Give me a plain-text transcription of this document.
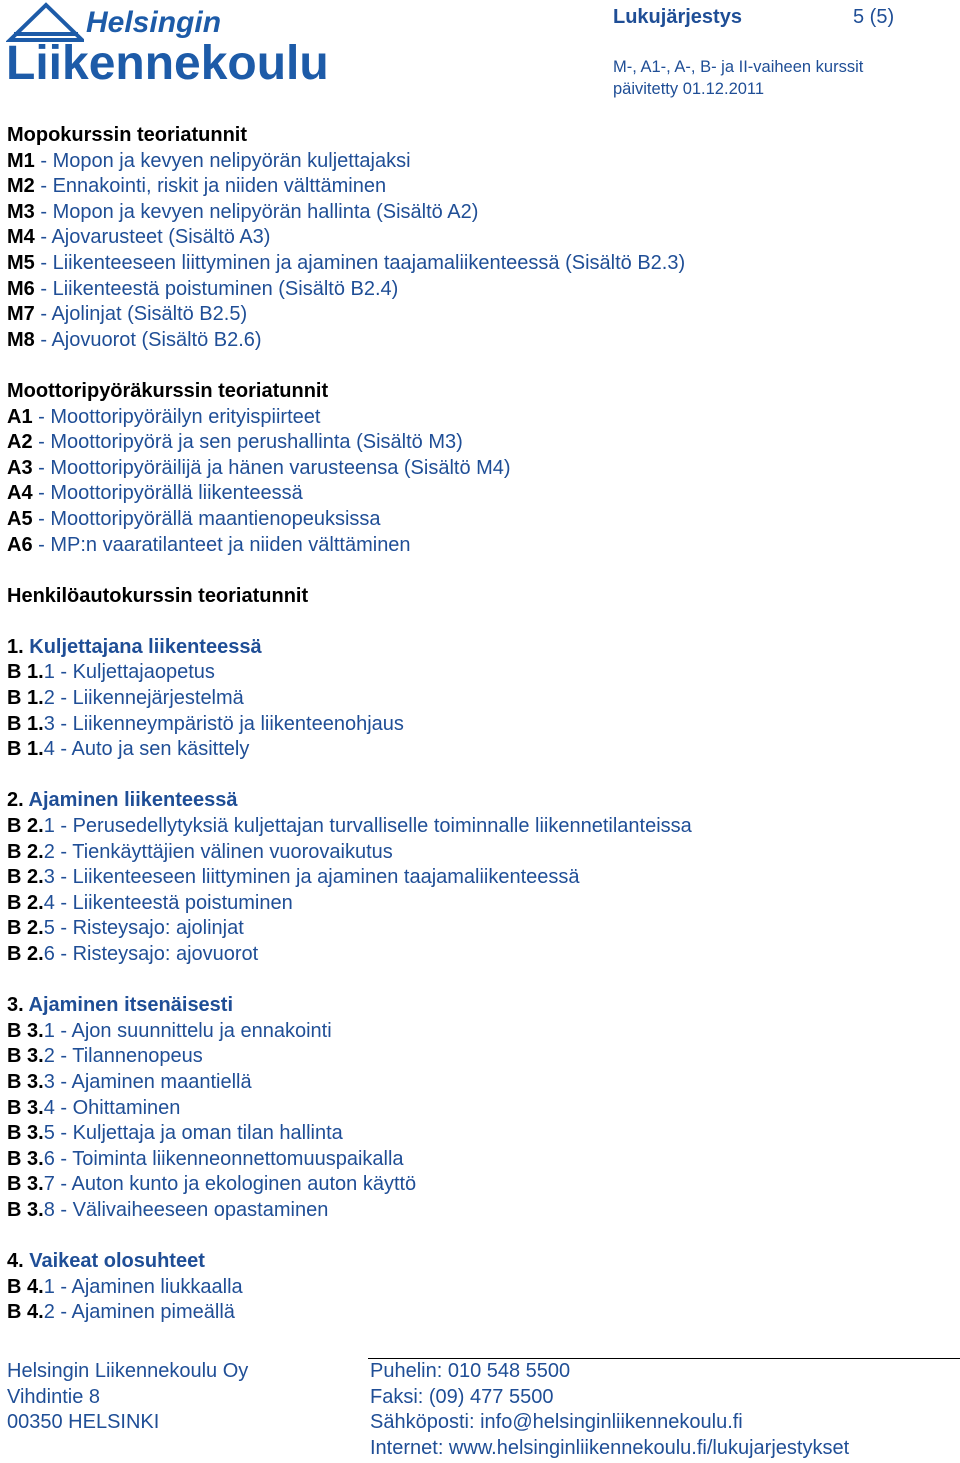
Helsingin
Liikennekoulu
Lukujärjestys	5 (5)
M-, A1-, A-, B- ja II-vaiheen kurssit
päivitetty 01.12.2011
Mopokurssin teoriatunnit
M1 - Mopon ja kevyen nelipyörän kuljettajaksi
M2 - Ennakointi, riskit ja niiden välttäminen
M3 - Mopon ja kevyen nelipyörän hallinta (Sisältö A2)
M4 - Ajovarusteet (Sisältö A3)
M5 - Liikenteeseen liittyminen ja ajaminen taajamaliikenteessä (Sisältö B2.3)
M6 - Liikenteestä poistuminen (Sisältö B2.4)
M7 - Ajolinjat (Sisältö B2.5)
M8 - Ajovuorot (Sisältö B2.6)
Moottoripyöräkurssin teoriatunnit
A1 - Moottoripyöräilyn erityispiirteet
A2 - Moottoripyörä ja sen perushallinta (Sisältö M3)
A3 - Moottoripyöräilijä ja hänen varusteensa (Sisältö M4)
A4 - Moottoripyörällä liikenteessä
A5 - Moottoripyörällä maantienopeuksissa
A6 - MP:n vaaratilanteet ja niiden välttäminen
Henkilöautokurssin teoriatunnit
1. Kuljettajana liikenteessä
B 1.1 - Kuljettajaopetus
B 1.2 - Liikennejärjestelmä
B 1.3 - Liikenneympäristö ja liikenteenohjaus
B 1.4 - Auto ja sen käsittely
2. Ajaminen liikenteessä
B 2.1 - Perusedellytyksiä kuljettajan turvalliselle toiminnalle liikennetilanteissa
B 2.2 - Tienkäyttäjien välinen vuorovaikutus
B 2.3 - Liikenteeseen liittyminen ja ajaminen taajamaliikenteessä
B 2.4 - Liikenteestä poistuminen
B 2.5 - Risteysajo: ajolinjat
B 2.6 - Risteysajo: ajovuorot
3. Ajaminen itsenäisesti
B 3.1 - Ajon suunnittelu ja ennakointi
B 3.2 - Tilannenopeus
B 3.3 - Ajaminen maantiellä
B 3.4 - Ohittaminen
B 3.5 - Kuljettaja ja oman tilan hallinta
B 3.6 - Toiminta liikenneonnettomuuspaikalla
B 3.7 - Auton kunto ja ekologinen auton käyttö
B 3.8 - Välivaiheeseen opastaminen
4. Vaikeat olosuhteet
B 4.1 - Ajaminen liukkaalla
B 4.2 - Ajaminen pimeällä
Helsingin Liikennekoulu Oy
Vihdintie 8
00350 HELSINKI
Puhelin: 010 548 5500
Faksi: (09) 477 5500
Sähköposti: info@helsinginliikennekoulu.fi
Internet: www.helsinginliikennekoulu.fi/lukujarjestykset
